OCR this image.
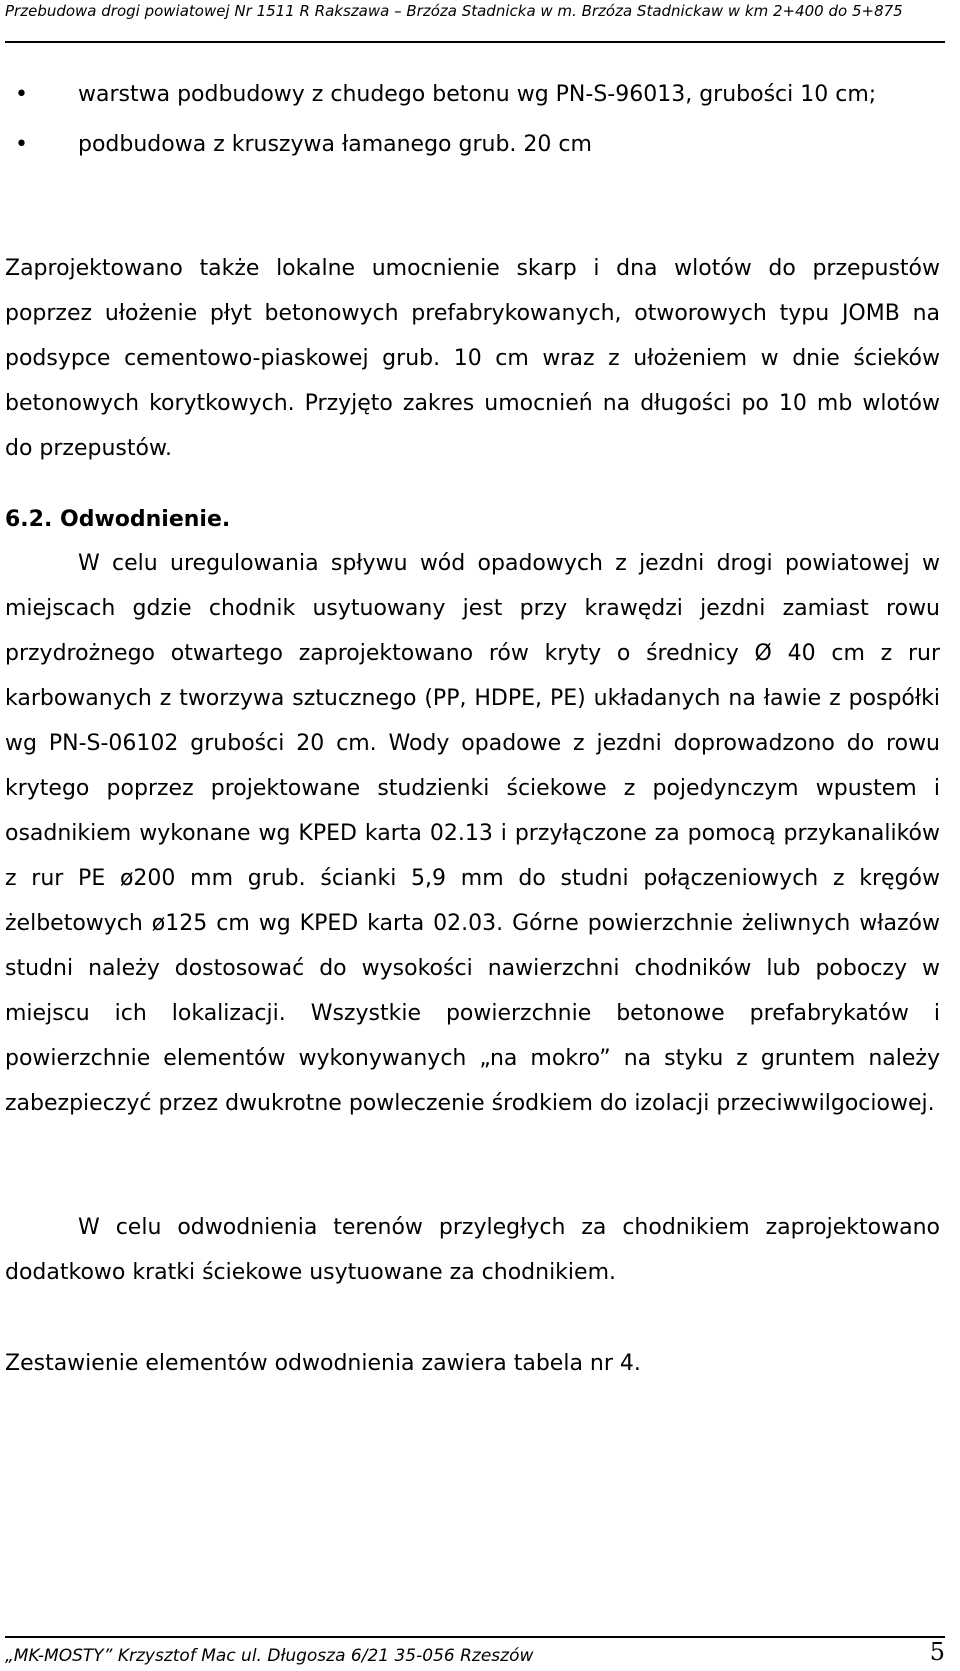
Przebudowa drogi powiatowej Nr 1511 R Rakszawa – Brzóza Stadnicka w m. Brzóza Stadnickaw w km 2+400 do 5+875
• warstwa podbudowy z chudego betonu wg PN-S-96013, grubości 10 cm;
• podbudowa z kruszywa łamanego grub. 20 cm

Zaprojektowano także lokalne umocnienie skarp i dna wlotów do przepustów poprzez ułożenie płyt betonowych prefabrykowanych, otworowych typu JOMB na podsypce cementowo-piaskowej grub. 10 cm wraz z ułożeniem w dnie ścieków betonowych korytkowych. Przyjęto zakres umocnień na długości po 10 mb wlotów do przepustów.

6.2. Odwodnienie.

W celu uregulowania spływu wód opadowych z jezdni drogi powiatowej w miejscach gdzie chodnik usytuowany jest przy krawędzi jezdni zamiast rowu przydrożnego otwartego zaprojektowano rów kryty o średnicy Ø 40 cm z rur karbowanych z tworzywa sztucznego (PP, HDPE, PE) układanych na ławie z pospółki wg PN-S-06102 grubości 20 cm. Wody opadowe z jezdni doprowadzono do rowu krytego poprzez projektowane studzienki ściekowe z pojedynczym wpustem i osadnikiem wykonane wg KPED karta 02.13 i przyłączone za pomocą przykanalików z rur PE ø200 mm grub. ścianki 5,9 mm do studni połączeniowych z kręgów żelbetowych ø125 cm wg KPED karta 02.03. Górne powierzchnie żeliwnych włazów studni należy dostosować do wysokości nawierzchni chodników lub poboczy w miejscu ich lokalizacji. Wszystkie powierzchnie betonowe prefabrykatów i powierzchnie elementów wykonywanych „na mokro” na styku z gruntem należy zabezpieczyć przez dwukrotne powleczenie środkiem do izolacji przeciwwilgociowej.

W celu odwodnienia terenów przyległych za chodnikiem zaprojektowano dodatkowo kratki ściekowe usytuowane za chodnikiem.

Zestawienie elementów odwodnienia zawiera tabela nr 4.

„MK-MOSTY” Krzysztof Mac ul. Długosza 6/21 35-056 Rzeszów	5
